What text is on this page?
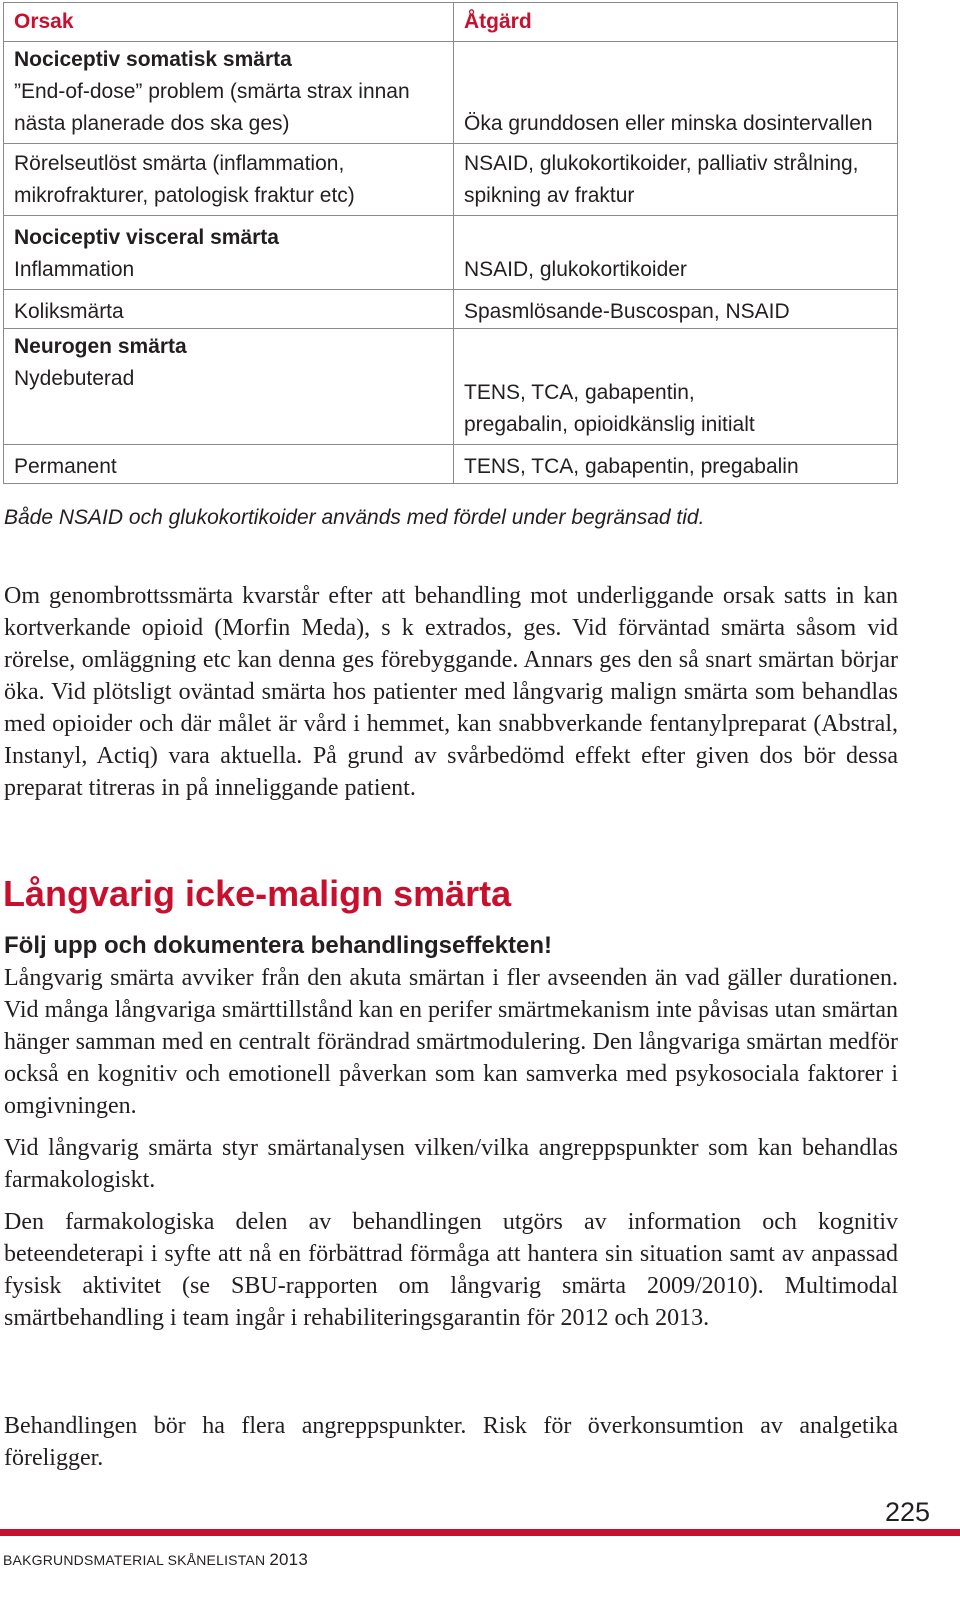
Orsak	Åtgärd

Nociceptiv somatisk smärta
”End-of-dose” problem (smärta strax innan
nästa planerade dos ska ges)	Öka grunddosen eller minska dosintervallen

Rörelseutlöst smärta (inflammation,
mikrofrakturer, patologisk fraktur etc)	NSAID, glukokortikoider, palliativ strålning,
spikning av fraktur

Nociceptiv visceral smärta
Inflammation	NSAID, glukokortikoider

Koliksmärta	Spasmlösande-Buscospan, NSAID

Neurogen smärta
Nydebuterad	TENS, TCA, gabapentin,
pregabalin, opioidkänslig initialt

Permanent	TENS, TCA, gabapentin, pregabalin
Både NSAID och glukokortikoider används med fördel under begränsad tid.

Om genombrottssmärta kvarstår efter att behandling mot underliggande orsak satts in kan kortverkande opioid (Morfin Meda), s k extrados, ges. Vid förväntad smärta såsom vid rörelse, omläggning etc kan denna ges förebyggande. Annars ges den så snart smärtan börjar öka. Vid plötsligt oväntad smärta hos patienter med långvarig malign smärta som behandlas med opioider och där målet är vård i hemmet, kan snabbverkande fentanylpreparat (Abstral, Instanyl, Actiq) vara aktuella. På grund av svårbedömd effekt efter given dos bör dessa preparat titreras in på inneliggande patient.

Långvarig icke-malign smärta
Följ upp och dokumentera behandlingseffekten!

Långvarig smärta avviker från den akuta smärtan i fler avseenden än vad gäller durationen. Vid många långvariga smärttillstånd kan en perifer smärtmekanism inte påvisas utan smärtan hänger samman med en centralt förändrad smärtmodulering. Den långvariga smärtan medför också en kognitiv och emotionell påverkan som kan samverka med psykosociala faktorer i omgivningen.

Vid långvarig smärta styr smärtanalysen vilken/vilka angreppspunkter som kan behandlas farmakologiskt.

Den farmakologiska delen av behandlingen utgörs av information och kognitiv beteendeterapi i syfte att nå en förbättrad förmåga att hantera sin situation samt av anpassad fysisk aktivitet (se SBU-rapporten om långvarig smärta 2009/2010). Multimodal smärtbehandling i team ingår i rehabiliteringsgarantin för 2012 och 2013.

Behandlingen bör ha flera angreppspunkter. Risk för överkonsumtion av analgetika föreligger.

225
BAKGRUNDSMATERIAL SKÅNELISTAN 2013
